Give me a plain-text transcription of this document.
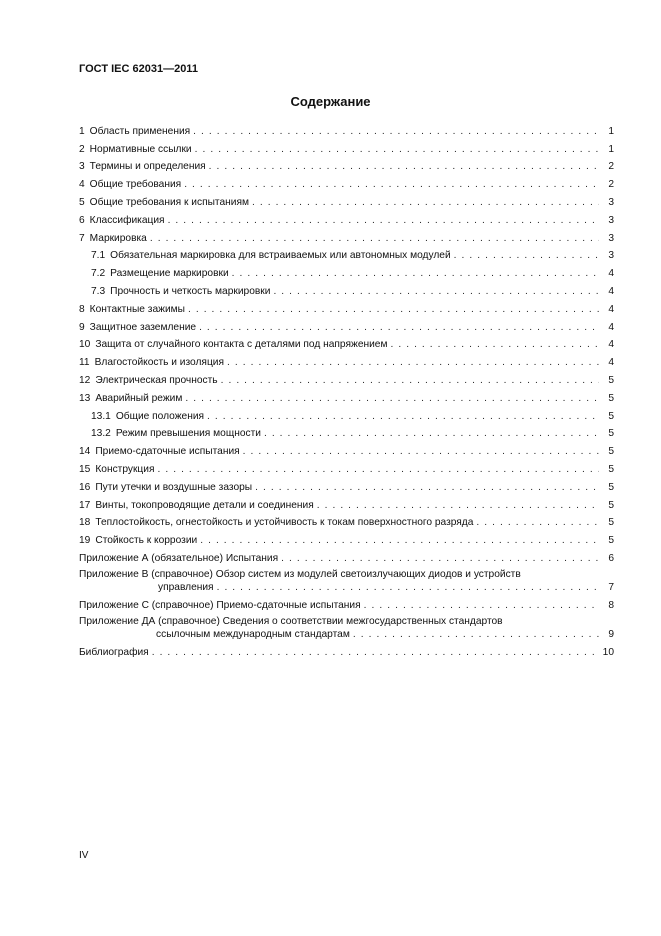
ГОСТ IEC 62031—2011
Содержание
1 Область применения . . .	1
2 Нормативные ссылки . . .	1
3 Термины и определения . . .	2
4 Общие требования . . .	2
5 Общие требования к испытаниям . . .	3
6 Классификация . . .	3
7 Маркировка . . .	3
7.1 Обязательная маркировка для встраиваемых или автономных модулей . . .	3
7.2 Размещение маркировки . . .	4
7.3 Прочность и четкость маркировки . . .	4
8 Контактные зажимы . . .	4
9 Защитное заземление . . .	4
10 Защита от случайного контакта с деталями под напряжением . . .	4
11 Влагостойкость и изоляция . . .	4
12 Электрическая прочность . . .	5
13 Аварийный режим . . .	5
13.1 Общие положения . . .	5
13.2 Режим превышения мощности . . .	5
14 Приемо-сдаточные испытания . . .	5
15 Конструкция . . .	5
16 Пути утечки и воздушные зазоры . . .	5
17 Винты, токопроводящие детали и соединения . . .	5
18 Теплостойкость, огнестойкость и устойчивость к токам поверхностного разряда . . .	5
19 Стойкость к коррозии . . .	5
Приложение А (обязательное) Испытания . . .	6
Приложение В (справочное) Обзор систем из модулей светоизлучающих диодов и устройств
управления . . .	7
Приложение С (справочное) Приемо-сдаточные испытания . . .	8
Приложение ДА (справочное) Сведения о соответствии межгосударственных стандартов
ссылочным международным стандартам . . .	9
Библиография . . .	10
IV
